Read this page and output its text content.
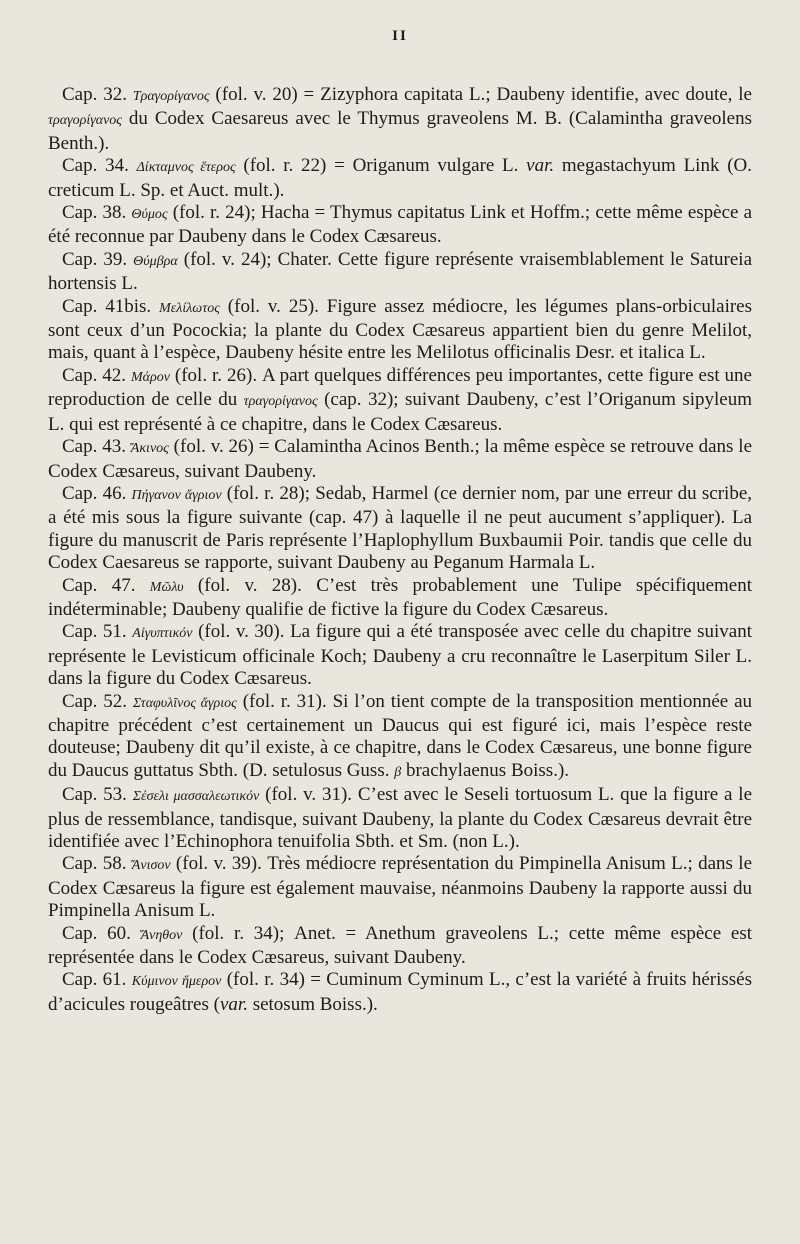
II

Cap. 32. Τραγορίγανος (fol. v. 20) = Zizyphora capitata L.; Daubeny identifie, avec doute, le τραγορίγανος du Codex Caesareus avec le Thymus graveolens M. B. (Calamintha graveolens Benth.).

Cap. 34. Δίκταμνος ἕτερος (fol. r. 22) = Origanum vulgare L. var. megastachyum Link (O. creticum L. Sp. et Auct. mult.).

Cap. 38. Θύμος (fol. r. 24); Hacha = Thymus capitatus Link et Hoffm.; cette même espèce a été reconnue par Daubeny dans le Codex Cæsareus.

Cap. 39. Θύμβρα (fol. v. 24); Chater. Cette figure représente vraisemblablement le Satureia hortensis L.

Cap. 41bis. Μελίλωτος (fol. v. 25). Figure assez médiocre, les légumes plans-orbiculaires sont ceux d’un Pocockia; la plante du Codex Cæsareus appartient bien du genre Melilot, mais, quant à l’espèce, Daubeny hésite entre les Melilotus officinalis Desr. et italica L.

Cap. 42. Μάρον (fol. r. 26). A part quelques différences peu importantes, cette figure est une reproduction de celle du τραγορίγανος (cap. 32); suivant Daubeny, c’est l’Origanum sipyleum L. qui est représenté à ce chapitre, dans le Codex Cæsareus.

Cap. 43. Ἄκινος (fol. v. 26) = Calamintha Acinos Benth.; la même espèce se retrouve dans le Codex Cæsareus, suivant Daubeny.

Cap. 46. Πήγανον ἄγριον (fol. r. 28); Sedab, Harmel (ce dernier nom, par une erreur du scribe, a été mis sous la figure suivante (cap. 47) à laquelle il ne peut aucument s’appliquer). La figure du manuscrit de Paris représente l’Haplophyllum Buxbaumii Poir. tandis que celle du Codex Caesareus se rapporte, suivant Daubeny au Peganum Harmala L.

Cap. 47. Μῶλυ (fol. v. 28). C’est très probablement une Tulipe spécifiquement indéterminable; Daubeny qualifie de fictive la figure du Codex Cæsareus.

Cap. 51. Αἰγυπτικόν (fol. v. 30). La figure qui a été transposée avec celle du chapitre suivant représente le Levisticum officinale Koch; Daubeny a cru reconnaître le Laserpitum Siler L. dans la figure du Codex Cæsareus.

Cap. 52. Σταφυλῖνος ἄγριος (fol. r. 31). Si l’on tient compte de la transposition mentionnée au chapitre précédent c’est certainement un Daucus qui est figuré ici, mais l’espèce reste douteuse; Daubeny dit qu’il existe, à ce chapitre, dans le Codex Cæsareus, une bonne figure du Daucus guttatus Sbth. (D. setulosus Guss. β brachylaenus Boiss.).

Cap. 53. Σέσελι μασσαλεωτικόν (fol. v. 31). C’est avec le Seseli tortuosum L. que la figure a le plus de ressemblance, tandisque, suivant Daubeny, la plante du Codex Cæsareus devrait être identifiée avec l’Echinophora tenuifolia Sbth. et Sm. (non L.).

Cap. 58. Ἄνισον (fol. v. 39). Très médiocre représentation du Pimpinella Anisum L.; dans le Codex Cæsareus la figure est également mauvaise, néanmoins Daubeny la rapporte aussi du Pimpinella Anisum L.

Cap. 60. Ἄνηθον (fol. r. 34); Anet. = Anethum graveolens L.; cette même espèce est représentée dans le Codex Cæsareus, suivant Daubeny.

Cap. 61. Κύμινον ἥμερον (fol. r. 34) = Cuminum Cyminum L., c’est la variété à fruits hérissés d’acicules rougeâtres (var. setosum Boiss.).
